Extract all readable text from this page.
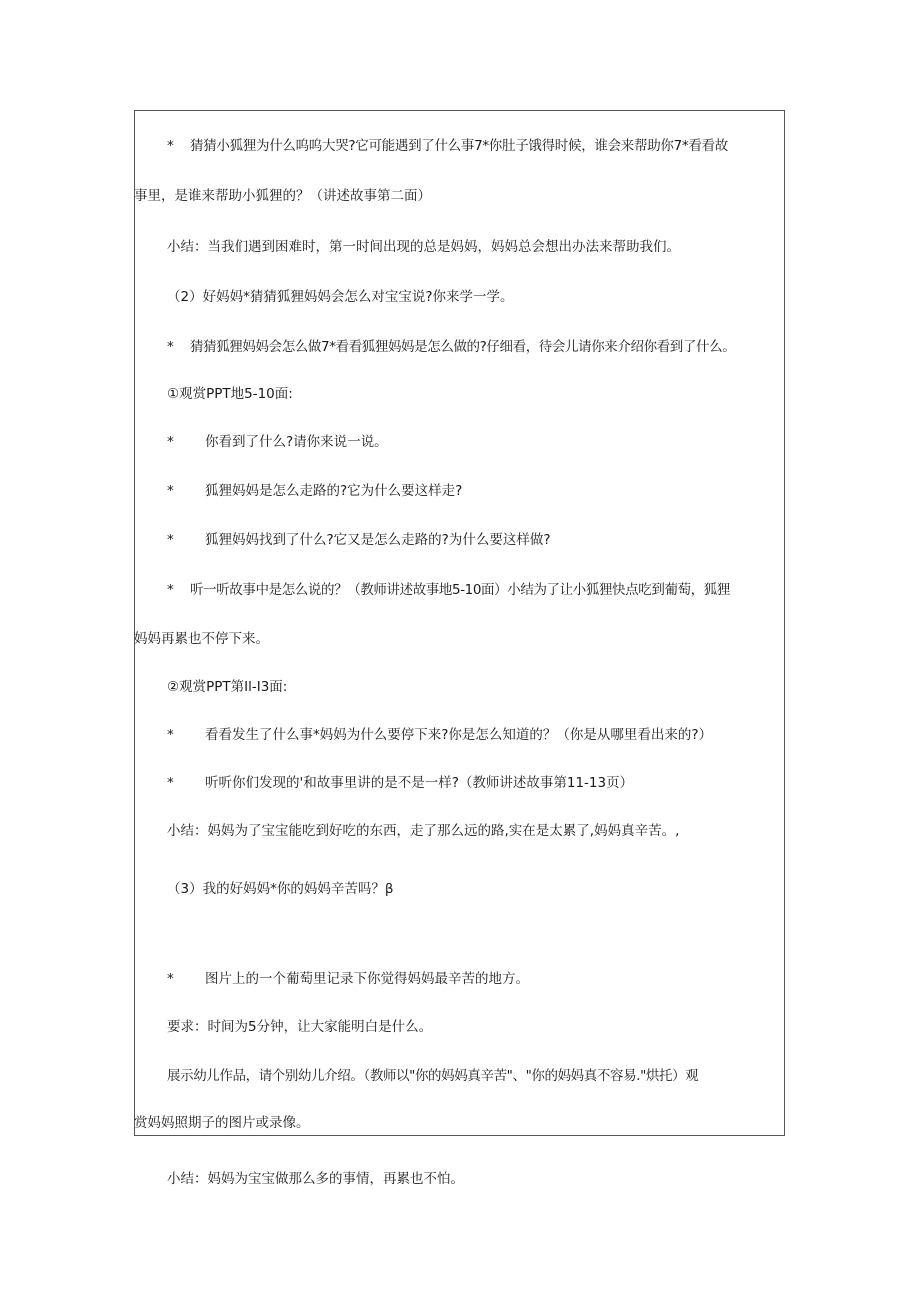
* 猜猜小狐狸为什么呜呜大哭?它可能遇到了什么事7*你肚子饿得时候，谁会来帮助你7*看看故
事里，是谁来帮助小狐狸的？（讲述故事第二面）
小结：当我们遇到困难时，第一时间出现的总是妈妈，妈妈总会想出办法来帮助我们。
（2）好妈妈*猜猜狐狸妈妈会怎么对宝宝说?你来学一学。
* 猜猜狐狸妈妈会怎么做7*看看狐狸妈妈是怎么做的?仔细看，待会儿请你来介绍你看到了什么。
①观赏PPT地5-10面:
* 你看到了什么?请你来说一说。
* 狐狸妈妈是怎么走路的?它为什么要这样走?
* 狐狸妈妈找到了什么?它又是怎么走路的?为什么要这样做?
* 听一听故事中是怎么说的？（教师讲述故事地5-10面）小结为了让小狐狸快点吃到葡萄，狐狸
妈妈再累也不停下来。
②观赏PPT第Il-I3面:
* 看看发生了什么事*妈妈为什么要停下来?你是怎么知道的？（你是从哪里看出来的?）
* 听听你们发现的'和故事里讲的是不是一样?（教师讲述故事第11-13页）
小结：妈妈为了宝宝能吃到好吃的东西，走了那么远的路,实在是太累了,妈妈真辛苦。,
（3）我的好妈妈*你的妈妈辛苦吗？β
* 图片上的一个葡萄里记录下你觉得妈妈最辛苦的地方。
要求：时间为5分钟，让大家能明白是什么。
展示幼儿作品，请个别幼儿介绍。（教师以"你的妈妈真辛苦"、"你的妈妈真不容易."烘托）观
赏妈妈照期子的图片或录像。
小结：妈妈为宝宝做那么多的事情，再累也不怕。
